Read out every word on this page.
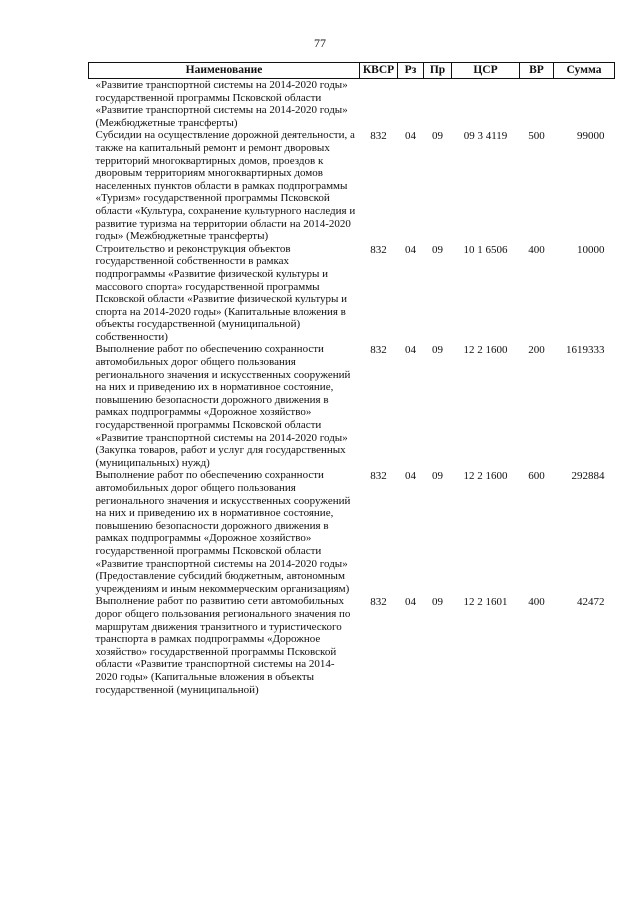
77
Наименование	КВСР	Рз	Пр	ЦСР	ВР	Сумма
«Развитие транспортной системы на 2014-2020 годы» государственной программы Псковской области «Развитие транспортной системы на 2014-2020 годы» (Межбюджетные трансферты)						
Субсидии на осуществление дорожной деятельности, а также на капитальный ремонт и ремонт дворовых территорий многоквартирных домов, проездов к дворовым территориям многоквартирных домов населенных пунктов области в рамках подпрограммы «Туризм» государственной программы Псковской области «Культура, сохранение культурного наследия и развитие туризма на территории области на 2014-2020 годы» (Межбюджетные трансферты)	832	04	09	09 3 4119	500	99000
Строительство и реконструкция объектов государственной собственности в рамках подпрограммы «Развитие физической культуры и массового спорта» государственной программы Псковской области «Развитие физической культуры и спорта на 2014-2020 годы» (Капитальные вложения в объекты государственной (муниципальной) собственности)	832	04	09	10 1 6506	400	10000
Выполнение работ по обеспечению сохранности автомобильных дорог общего пользования регионального значения и искусственных сооружений на них и приведению их в нормативное состояние, повышению безопасности дорожного движения в рамках подпрограммы «Дорожное хозяйство» государственной программы Псковской области «Развитие транспортной системы на 2014-2020 годы» (Закупка товаров, работ и услуг для государственных (муниципальных) нужд)	832	04	09	12 2 1600	200	1619333
Выполнение работ по обеспечению сохранности автомобильных дорог общего пользования регионального значения и искусственных сооружений на них и приведению их в нормативное состояние, повышению безопасности дорожного движения в рамках подпрограммы «Дорожное хозяйство» государственной программы Псковской области «Развитие транспортной системы на 2014-2020 годы» (Предоставление субсидий бюджетным, автономным учреждениям и иным некоммерческим организациям)	832	04	09	12 2 1600	600	292884
Выполнение работ по развитию сети автомобильных дорог общего пользования регионального значения по маршрутам движения транзитного и туристического транспорта в рамках подпрограммы «Дорожное хозяйство» государственной программы Псковской области «Развитие транспортной системы на 2014-2020 годы» (Капитальные вложения в объекты государственной (муниципальной)	832	04	09	12 2 1601	400	42472
